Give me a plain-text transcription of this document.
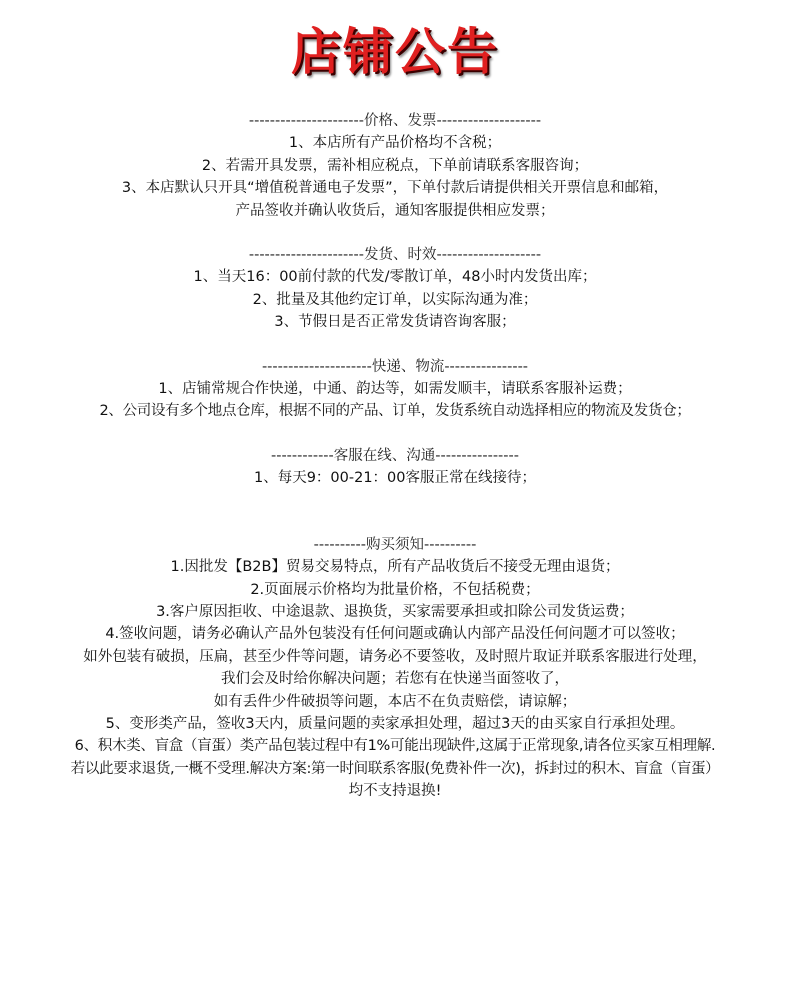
店铺公告
----------------------价格、发票--------------------
1、本店所有产品价格均不含税；
2、若需开具发票，需补相应税点，下单前请联系客服咨询；
3、本店默认只开具“增值税普通电子发票”，下单付款后请提供相关开票信息和邮箱，
产品签收并确认收货后，通知客服提供相应发票；
----------------------发货、时效--------------------
1、当天16：00前付款的代发/零散订单，48小时内发货出库；
2、批量及其他约定订单，以实际沟通为准；
3、节假日是否正常发货请咨询客服；
---------------------快递、物流----------------
1、店铺常规合作快递，中通、韵达等，如需发顺丰，请联系客服补运费；
2、公司设有多个地点仓库，根据不同的产品、订单，发货系统自动选择相应的物流及发货仓；
------------客服在线、沟通----------------
1、每天9：00-21：00客服正常在线接待；
----------购买须知----------
1.因批发【B2B】贸易交易特点，所有产品收货后不接受无理由退货；
2.页面展示价格均为批量价格，不包括税费；
3.客户原因拒收、中途退款、退换货，买家需要承担或扣除公司发货运费；
4.签收问题，请务必确认产品外包装没有任何问题或确认内部产品没任何问题才可以签收；
如外包装有破损，压扁，甚至少件等问题，请务必不要签收，及时照片取证并联系客服进行处理，
我们会及时给你解决问题；若您有在快递当面签收了，
如有丢件少件破损等问题，本店不在负责赔偿，请谅解；
5、变形类产品，签收3天内，质量问题的卖家承担处理，超过3天的由买家自行承担处理。
6、积木类、盲盒（盲蛋）类产品包装过程中有1%可能出现缺件,这属于正常现象,请各位买家互相理解.
若以此要求退货,一概不受理.解决方案:第一时间联系客服(免费补件一次)，拆封过的积木、盲盒（盲蛋）
均不支持退换!
